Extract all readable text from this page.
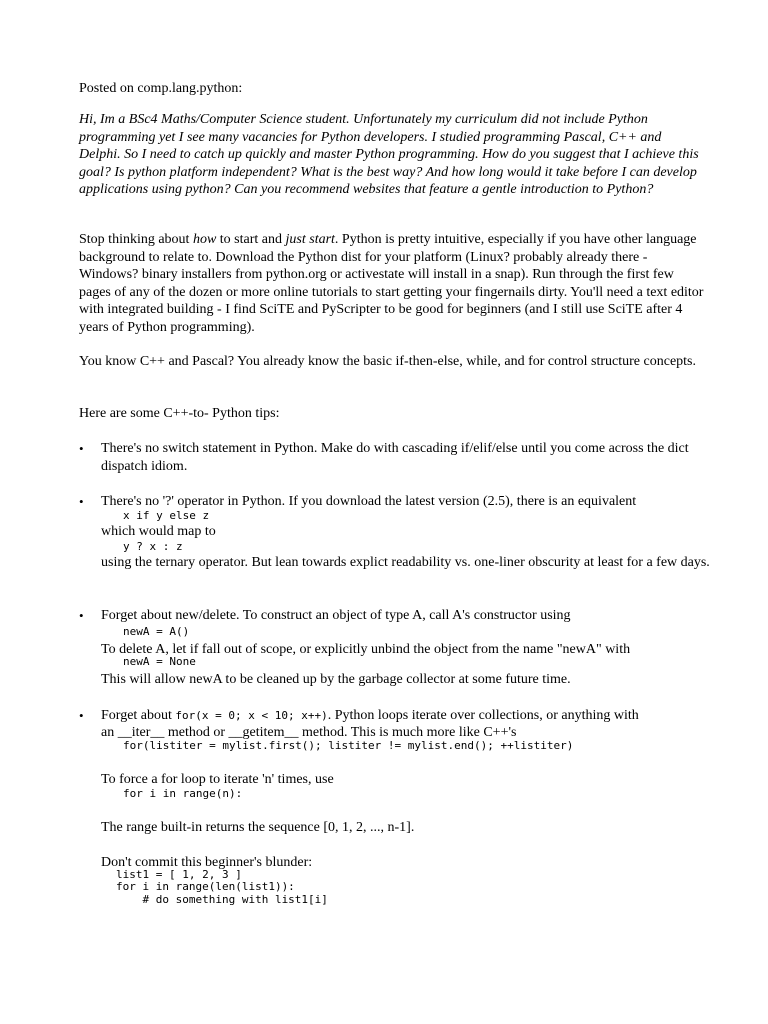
Posted on comp.lang.python:

Hi, Im a BSc4 Maths/Computer Science student. Unfortunately my curriculum did not include Python programming yet I see many vacancies for Python developers. I studied programming Pascal, C++ and Delphi. So I need to catch up quickly and master Python programming. How do you suggest that I achieve this goal? Is python platform independent? What is the best way? And how long would it take before I can develop applications using python? Can you recommend websites that feature a gentle introduction to Python?

Stop thinking about how to start and just start. Python is pretty intuitive, especially if you have other language background to relate to. Download the Python dist for your platform (Linux? probably already there - Windows? binary installers from python.org or activestate will install in a snap). Run through the first few pages of any of the dozen or more online tutorials to start getting your fingernails dirty. You'll need a text editor with integrated building - I find SciTE and PyScripter to be good for beginners (and I still use SciTE after 4 years of Python programming).

You know C++ and Pascal? You already know the basic if-then-else, while, and for control structure concepts.

Here are some C++-to- Python tips:

• There's no switch statement in Python. Make do with cascading if/elif/else until you come across the dict dispatch idiom.

• There's no '?' operator in Python. If you download the latest version (2.5), there is an equivalent

x if y else z

which would map to

y ? x : z

using the ternary operator. But lean towards explict readability vs. one-liner obscurity at least for a few days.

• Forget about new/delete. To construct an object of type A, call A's constructor using

newA = A()

To delete A, let if fall out of scope, or explicitly unbind the object from the name "newA" with

newA = None

This will allow newA to be cleaned up by the garbage collector at some future time.

• Forget about for(x = 0; x < 10; x++). Python loops iterate over collections, or anything with

an __iter__ method or __getitem__ method. This is much more like C++'s

for(listiter = mylist.first(); listiter != mylist.end(); ++listiter)

To force a for loop to iterate 'n' times, use

for i in range(n):

The range built-in returns the sequence [0, 1, 2, ..., n-1].

Don't commit this beginner's blunder:

list1 = [ 1, 2, 3 ]
for i in range(len(list1)):
# do something with list1[i]
